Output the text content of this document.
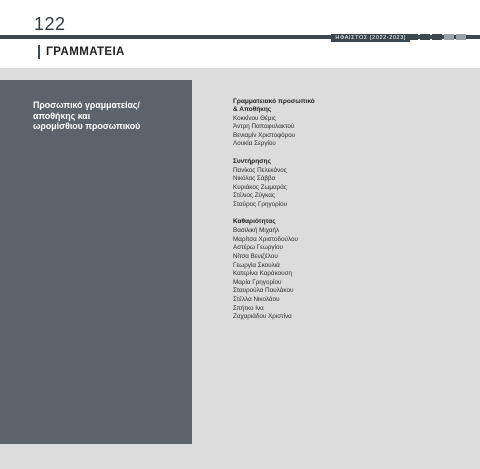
122
ΗΦΑΙΣΤΟΣ [2022-2023]
ΓΡΑΜΜΑΤΕΙΑ
Προσωπικό γραμματείας/
αποθήκης και
ωρομίσθιου προσωπικού
Γραμματειακό προσωπικό
& Αποθήκης
Κοκκίνου Θέμις
Άντρη Παπαφυλακτού
Βενιαμίν Χριστοφόρου
Λουκία Σεργίου
Συντήρησης
Πανίκος Πελεκάνος
Νικόλας Σάββα
Κυριάκος Ζωμαράς
Στέλιος Ζύγκας
Σταύρος Γρηγορίου
Καθαριότητας
Βασιλική Μιχαήλ
Μαρίτσα Χριστοδούλου
Αστέρω Γεωργίου
Νίτσα Βενιζέλου
Γεωργία Σκουλιά
Κατερίνα Καράκουση
Μαρία Γρηγορίου
Σταυρούλα Παυλάκου
Στέλλα Νικολάου
Σπήτκο Ινα
Ζαχαριάδου Χριστίνα
